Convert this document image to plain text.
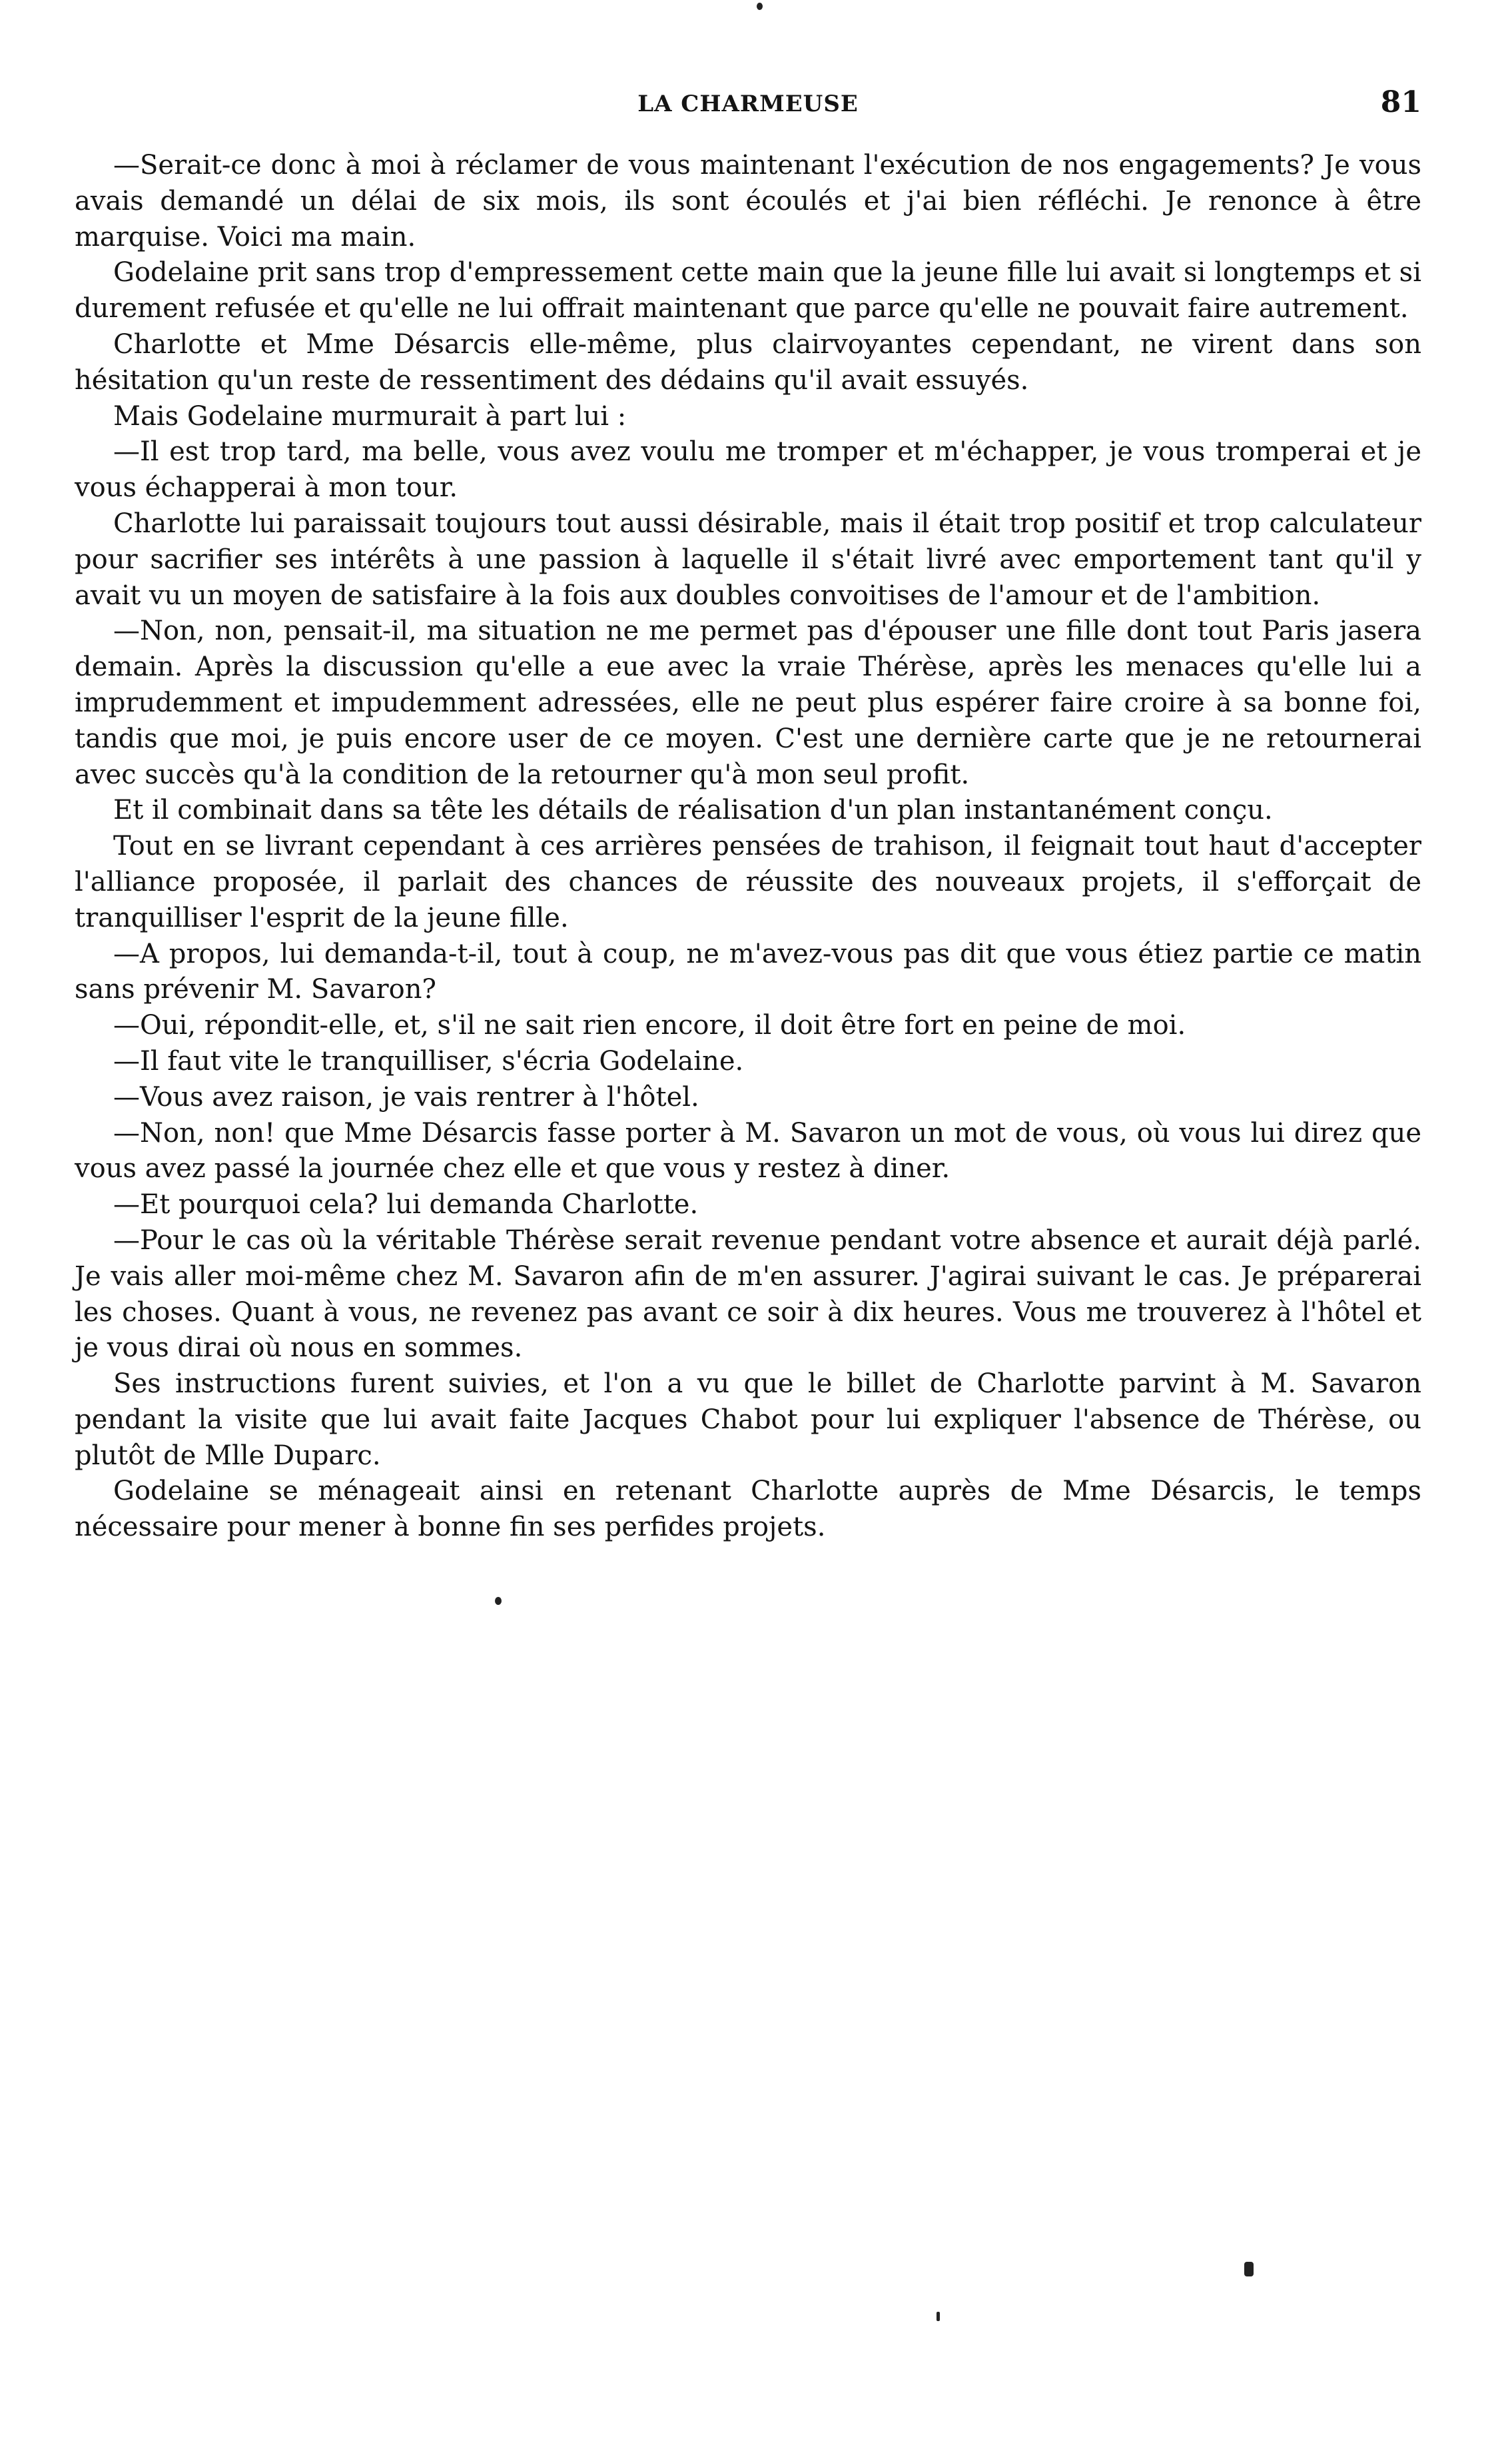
LA CHARMEUSE	81

—Serait-ce donc à moi à réclamer de vous maintenant l'exécution de nos engagements? Je vous avais demandé un délai de six mois, ils sont écoulés et j'ai bien réfléchi. Je renonce à être marquise. Voici ma main.

Godelaine prit sans trop d'empressement cette main que la jeune fille lui avait si longtemps et si durement refusée et qu'elle ne lui offrait maintenant que parce qu'elle ne pouvait faire autrement.

Charlotte et Mme Désarcis elle-même, plus clairvoyantes cependant, ne virent dans son hésitation qu'un reste de ressentiment des dédains qu'il avait essuyés.

Mais Godelaine murmurait à part lui :

—Il est trop tard, ma belle, vous avez voulu me tromper et m'échapper, je vous tromperai et je vous échapperai à mon tour.

Charlotte lui paraissait toujours tout aussi désirable, mais il était trop positif et trop calculateur pour sacrifier ses intérêts à une passion à laquelle il s'était livré avec emportement tant qu'il y avait vu un moyen de satisfaire à la fois aux doubles convoitises de l'amour et de l'ambition.

—Non, non, pensait-il, ma situation ne me permet pas d'épouser une fille dont tout Paris jasera demain. Après la discussion qu'elle a eue avec la vraie Thérèse, après les menaces qu'elle lui a imprudemment et impudemment adressées, elle ne peut plus espérer faire croire à sa bonne foi, tandis que moi, je puis encore user de ce moyen. C'est une dernière carte que je ne retournerai avec succès qu'à la condition de la retourner qu'à mon seul profit.

Et il combinait dans sa tête les détails de réalisation d'un plan instantanément conçu.

Tout en se livrant cependant à ces arrières pensées de trahison, il feignait tout haut d'accepter l'alliance proposée, il parlait des chances de réussite des nouveaux projets, il s'efforçait de tranquilliser l'esprit de la jeune fille.

—A propos, lui demanda-t-il, tout à coup, ne m'avez-vous pas dit que vous étiez partie ce matin sans prévenir M. Savaron?

—Oui, répondit-elle, et, s'il ne sait rien encore, il doit être fort en peine de moi.

—Il faut vite le tranquilliser, s'écria Godelaine.

—Vous avez raison, je vais rentrer à l'hôtel.

—Non, non! que Mme Désarcis fasse porter à M. Savaron un mot de vous, où vous lui direz que vous avez passé la journée chez elle et que vous y restez à diner.

—Et pourquoi cela? lui demanda Charlotte.

—Pour le cas où la véritable Thérèse serait revenue pendant votre absence et aurait déjà parlé. Je vais aller moi-même chez M. Savaron afin de m'en assurer. J'agirai suivant le cas. Je préparerai les choses. Quant à vous, ne revenez pas avant ce soir à dix heures. Vous me trouverez à l'hôtel et je vous dirai où nous en sommes.

Ses instructions furent suivies, et l'on a vu que le billet de Charlotte parvint à M. Savaron pendant la visite que lui avait faite Jacques Chabot pour lui expliquer l'absence de Thérèse, ou plutôt de Mlle Duparc.

Godelaine se ménageait ainsi en retenant Charlotte auprès de Mme Désarcis, le temps nécessaire pour mener à bonne fin ses perfides projets.
